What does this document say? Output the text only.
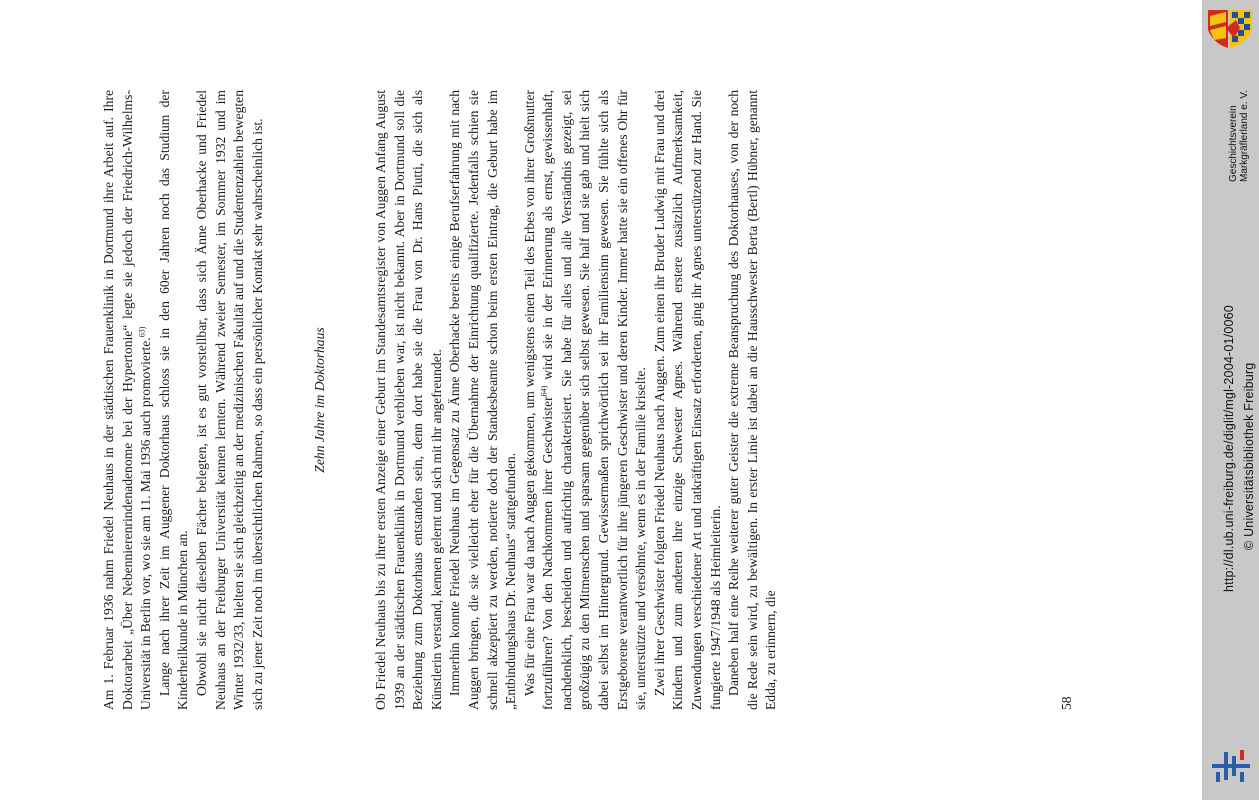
Geschichtsverein Markgräflerland e. V.
http://dl.ub.uni-freiburg.de/diglit/mgl-2004-01/0060 © Universitätsbibliothek Freiburg

Am 1. Februar 1936 nahm Friedel Neuhaus in der städtischen Frauenklinik in Dortmund ihre Arbeit auf. Ihre Doktorarbeit „Über Nebennierenrindenadenome bei der Hypertonie“ legte sie jedoch der Friedrich-Wilhelms-Universität in Berlin vor, wo sie am 11. Mai 1936 auch promovierte.$^{63)}$ Lange nach ihrer Zeit im Auggener Doktorhaus schloss sie in den 60er Jahren noch das Studium der Kinderheilkunde in München an. Obwohl sie nicht dieselben Fächer belegten, ist es gut vorstellbar, dass sich Änne Oberhacke und Friedel Neuhaus an der Freiburger Universität kennen lernten. Während zweier Semester, im Sommer 1932 und im Winter 1932/33, hielten sie sich gleichzeitig an der medizinischen Fakultät auf und die Studentenzahlen bewegten sich zu jener Zeit noch im übersichtlichen Rahmen, so dass ein persönlicher Kontakt sehr wahrscheinlich ist.	Zehn Jahre im Doktorhaus	Ob Friedel Neuhaus bis zu ihrer ersten Anzeige einer Geburt im Standesamtsregister von Auggen Anfang August 1939 an der städtischen Frauenklinik in Dortmund verblieben war, ist nicht bekannt. Aber in Dortmund soll die Beziehung zum Doktorhaus entstanden sein, denn dort habe sie die Frau von Dr. Hans Piutti, die sich als Künstlerin verstand, kennen gelernt und sich mit ihr angefreundet. Immerhin konnte Friedel Neuhaus im Gegensatz zu Änne Oberhacke bereits einige Berufserfahrung mit nach Auggen bringen, die sie vielleicht eher für die Übernahme der Einrichtung qualifizierte. Jedenfalls schien sie schnell akzeptiert zu werden, notierte doch der Standesbeamte schon beim ersten Eintrag, die Geburt habe im „Entbindungshaus Dr. Neuhaus“ stattgefunden. Was für eine Frau war da nach Auggen gekommen, um wenigstens einen Teil des Erbes von ihrer Großmutter fortzuführen? Von den Nachkommen ihrer Geschwister$^{64)}$ wird sie in der Erinnerung als ernst, gewissenhaft, nachdenklich, bescheiden und aufrichtig charakterisiert. Sie habe für alles und alle Verständnis gezeigt, sei großzügig zu den Mitmenschen und sparsam gegenüber sich selbst gewesen. Sie half und sie gab und hielt sich dabei selbst im Hintergrund. Gewissermaßen sprichwörtlich sei ihr Familiensinn gewesen. Sie fühlte sich als Erstgeborene verantwortlich für ihre jüngeren Geschwister und deren Kinder. Immer hatte sie ein offenes Ohr für sie, unterstützte und versöhnte, wenn es in der Familie kriselte. Zwei ihrer Geschwister folgten Friedel Neuhaus nach Auggen. Zum einen ihr Bruder Ludwig mit Frau und drei Kindern und zum anderen ihre einzige Schwester Agnes. Während erstere zusätzlich Aufmerksamkeit, Zuwendungen verschiedener Art und tatkräftigen Einsatz erforderten, ging ihr Agnes unterstützend zur Hand. Sie fungierte 1947/1948 als Heimleiterin. Daneben half eine Reihe weiterer guter Geister die extreme Beanspruchung des Doktorhauses, von der noch die Rede sein wird, zu bewältigen. In erster Linie ist dabei an die Hausschwester Berta (Bertl) Hübner, genannt Edda, zu erinnern, die	58
